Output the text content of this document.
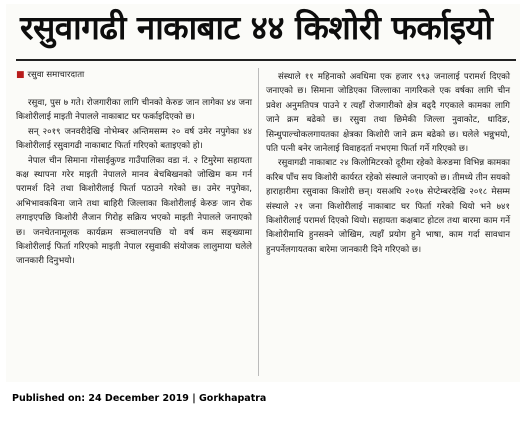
रसुवागढी नाकाबाट ४४ किशोरी फर्काइयो
■ रसुवा समाचारदाता

रसुवा, पुस ७ गते। रोजगारीका लागि चीनको केरुङ जान लागेका ४४ जना किशोरीलाई माइती नेपालले नाकाबाट घर फर्काइदिएको छ।

सन् २०१९ जनवरीदेखि नोभेम्बर अन्तिमसम्म २० वर्ष उमेर नपुगेका ४४ किशोरीलाई रसुवागढी नाकाबाट फिर्ता गरिएको बताइएको हो।

नेपाल चीन सिमाना गोसाईकुण्ड गाउँपालिका वडा नं. २ टिमुरेमा सहायता कक्ष स्थापना गरेर माइती नेपालले मानव बेचबिखनको जोखिम कम गर्न परामर्श दिने तथा किशोरीलाई फिर्ता पठाउने गरेको छ। उमेर नपुगेका, अभिभावकबिना जाने तथा बाहिरी जिल्लाका किशोरीलाई केरुङ जान रोक लगाइएपछि किशोरी लैजान गिरोह सक्रिय भएको माइती नेपालले जनाएको छ। जनचेतनामूलक कार्यक्रम सञ्चालनपछि यो वर्ष कम सङ्ख्यामा किशोरीलाई फिर्ता गरिएको माइती नेपाल रसुवाकी संयोजक लालुमाया घलेले जानकारी दिनुभयो।

संस्थाले ११ महिनाको अवधिमा एक हजार ९९३ जनालाई परामर्श दिएको जनाएको छ। सिमाना जोडिएका जिल्लाका नागरिकले एक वर्षका लागि चीन प्रवेश अनुमतिपत्र पाउने र त्यहाँ रोजगारीको क्षेत्र बढ्दै गएकाले कामका लागि जाने क्रम बढेको छ। रसुवा तथा छिमेकी जिल्ला नुवाकोट, धादिङ, सिन्धुपाल्चोकलगायतका क्षेत्रका किशोरी जाने क्रम बढेको छ। घलेले भन्नुभयो, पति पत्नी बनेर जानेलाई विवाहदर्ता नभएमा फिर्ता गर्ने गरिएको छ।

रसुवागढी नाकाबाट २४ किलोमिटरको दूरीमा रहेको केरुङमा विभिन्न कामका करिब पाँच सय किशोरी कार्यरत रहेको संस्थाले जनाएको छ। तीमध्ये तीन सयको हाराहारीमा रसुवाका किशोरी छन्। यसअघि २०१७ सेप्टेम्बरदेखि २०१८ मेसम्म संस्थाले २१ जना किशोरीलाई नाकाबाट घर फिर्ता गरेको थियो भने ७४१ किशोरीलाई परामर्श दिएको थियो। सहायता कक्षबाट होटल तथा बारमा काम गर्ने किशोरीमाथि हुनसक्ने जोखिम, त्यहाँ प्रयोग हुने भाषा, काम गर्दा सावधान हुनपर्नेलगायतका बारेमा जानकारी दिने गरिएको छ।

Published on: 24 December 2019 | Gorkhapatra
